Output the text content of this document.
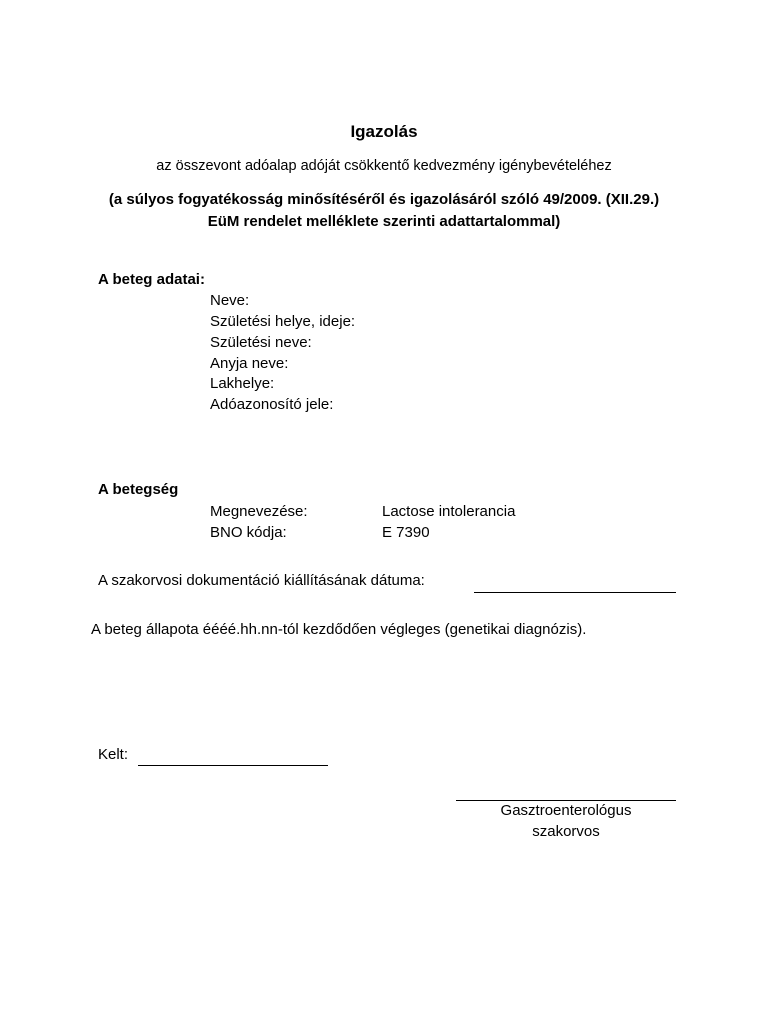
Igazolás
az összevont adóalap adóját csökkentő kedvezmény igénybevételéhez
(a súlyos fogyatékosság minősítéséről és igazolásáról szóló 49/2009. (XII.29.)
EüM rendelet melléklete szerinti adattartalommal)
A beteg adatai:
Neve:
Születési helye, ideje:
Születési neve:
Anyja neve:
Lakhelye:
Adóazonosító jele:
A betegség
Megnevezése:	Lactose intolerancia
BNO kódja:	E 7390
A szakorvosi dokumentáció kiállításának dátuma:
A beteg állapota éééé.hh.nn-tól kezdődően végleges (genetikai diagnózis).
Kelt:
Gasztroenterológus
szakorvos
